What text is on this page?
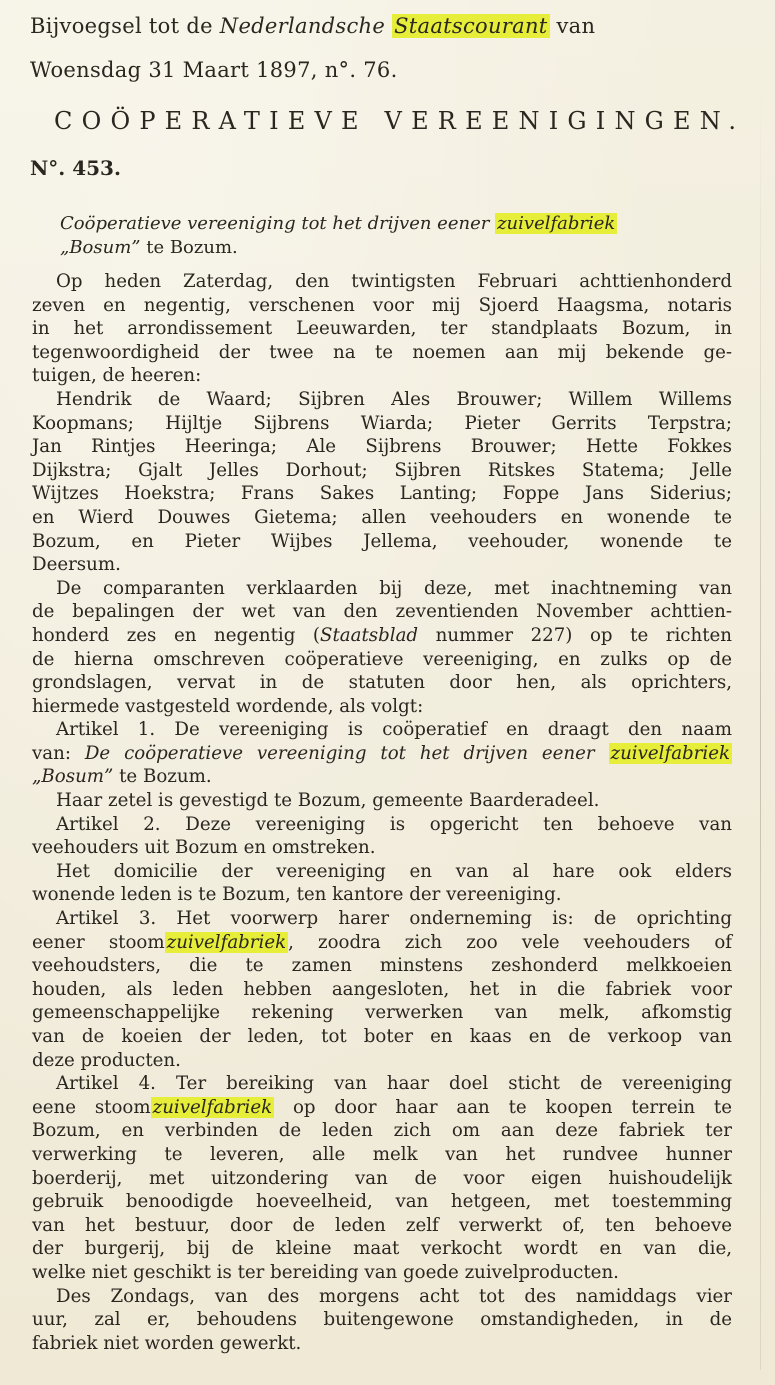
Bijvoegsel tot de Nederlandsche Staatscourant van
Woensdag 31 Maart 1897, n°. 76.
COÖPERATIEVE VEREENIGINGEN.
N°. 453.
Coöperatieve vereeniging tot het drijven eener zuivelfabriek
„Bosum” te Bozum.
Op heden Zaterdag, den twintigsten Februari achttienhonderd
zeven en negentig, verschenen voor mij Sjoerd Haagsma, notaris
in het arrondissement Leeuwarden, ter standplaats Bozum, in
tegenwoordigheid der twee na te noemen aan mij bekende ge-
tuigen, de heeren:
Hendrik de Waard; Sijbren Ales Brouwer; Willem Willems
Koopmans; Hijltje Sijbrens Wiarda; Pieter Gerrits Terpstra;
Jan Rintjes Heeringa; Ale Sijbrens Brouwer; Hette Fokkes
Dijkstra; Gjalt Jelles Dorhout; Sijbren Ritskes Statema; Jelle
Wijtzes Hoekstra; Frans Sakes Lanting; Foppe Jans Siderius;
en Wierd Douwes Gietema; allen veehouders en wonende te
Bozum, en Pieter Wijbes Jellema, veehouder, wonende te
Deersum.
De comparanten verklaarden bij deze, met inachtneming van
de bepalingen der wet van den zeventienden November achttien-
honderd zes en negentig (Staatsblad nummer 227) op te richten
de hierna omschreven coöperatieve vereeniging, en zulks op de
grondslagen, vervat in de statuten door hen, als oprichters,
hiermede vastgesteld wordende, als volgt:
Artikel 1. De vereeniging is coöperatief en draagt den naam
van: De coöperatieve vereeniging tot het drijven eener zuivelfabriek
„Bosum” te Bozum.
Haar zetel is gevestigd te Bozum, gemeente Baarderadeel.
Artikel 2. Deze vereeniging is opgericht ten behoeve van
veehouders uit Bozum en omstreken.
Het domicilie der vereeniging en van al hare ook elders
wonende leden is te Bozum, ten kantore der vereeniging.
Artikel 3. Het voorwerp harer onderneming is: de oprichting
eener stoom zuivelfabriek , zoodra zich zoo vele veehouders of
veehoudsters, die te zamen minstens zeshonderd melkkoeien
houden, als leden hebben aangesloten, het in die fabriek voor
gemeenschappelijke rekening verwerken van melk, afkomstig
van de koeien der leden, tot boter en kaas en de verkoop van
deze producten.
Artikel 4. Ter bereiking van haar doel sticht de vereeniging
eene stoom zuivelfabriek op door haar aan te koopen terrein te
Bozum, en verbinden de leden zich om aan deze fabriek ter
verwerking te leveren, alle melk van het rundvee hunner
boerderij, met uitzondering van de voor eigen huishoudelijk
gebruik benoodigde hoeveelheid, van hetgeen, met toestemming
van het bestuur, door de leden zelf verwerkt of, ten behoeve
der burgerij, bij de kleine maat verkocht wordt en van die,
welke niet geschikt is ter bereiding van goede zuivelproducten.
Des Zondags, van des morgens acht tot des namiddags vier
uur, zal er, behoudens buitengewone omstandigheden, in de
fabriek niet worden gewerkt.
